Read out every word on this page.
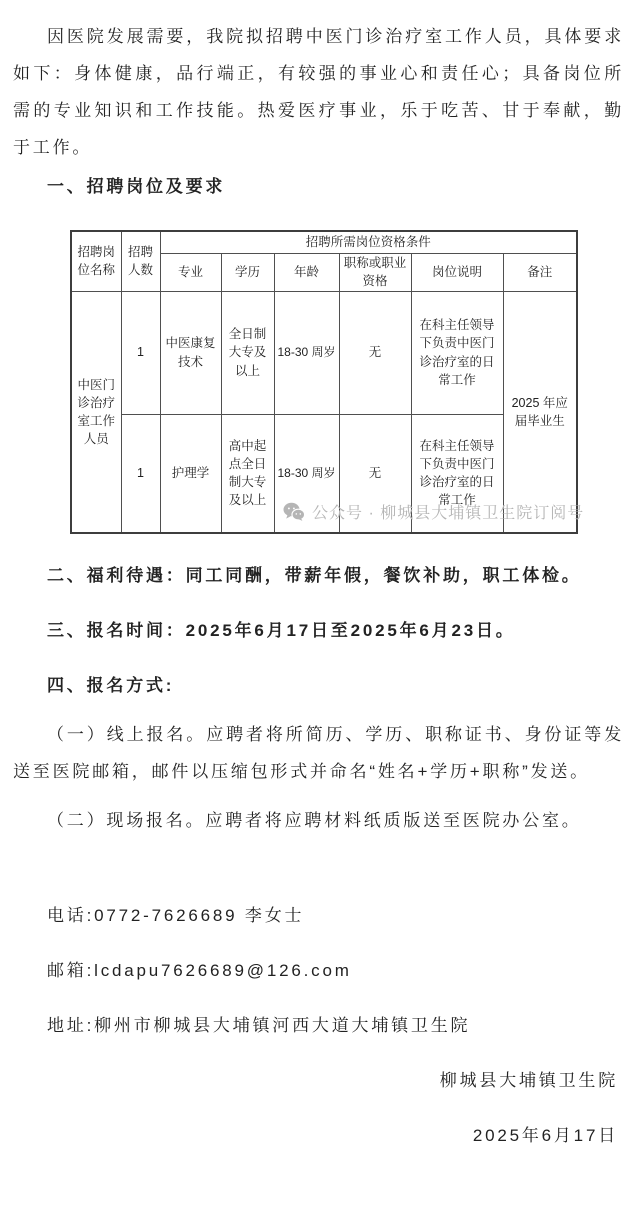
因医院发展需要，我院拟招聘中医门诊治疗室工作人员，具体要求如下：身体健康，品行端正，有较强的事业心和责任心；具备岗位所需的专业知识和工作技能。热爱医疗事业，乐于吃苦、甘于奉献，勤于工作。

一、招聘岗位及要求

招聘岗位名称	招聘人数	招聘所需岗位资格条件					
		专业	学历	年龄	职称或职业资格	岗位说明	备注
中医门诊治疗室工作人员	1	中医康复技术	全日制大专及以上	18-30 周岁	无	在科主任领导下负责中医门诊治疗室的日常工作	2025 年应届毕业生
	1	护理学	高中起点全日制大专及以上	18-30 周岁	无	在科主任领导下负责中医门诊治疗室的日常工作	
公众号 · 柳城县大埔镇卫生院订阅号

二、福利待遇：同工同酬，带薪年假，餐饮补助，职工体检。

三、报名时间：2025年6月17日至2025年6月23日。

四、报名方式:

（一）线上报名。应聘者将所简历、学历、职称证书、身份证等发送至医院邮箱，邮件以压缩包形式并命名“姓名+学历+职称”发送。

（二）现场报名。应聘者将应聘材料纸质版送至医院办公室。

电话:0772-7626689 李女士

邮箱:lcdapu7626689@126.com

地址:柳州市柳城县大埔镇河西大道大埔镇卫生院

柳城县大埔镇卫生院

2025年6月17日
